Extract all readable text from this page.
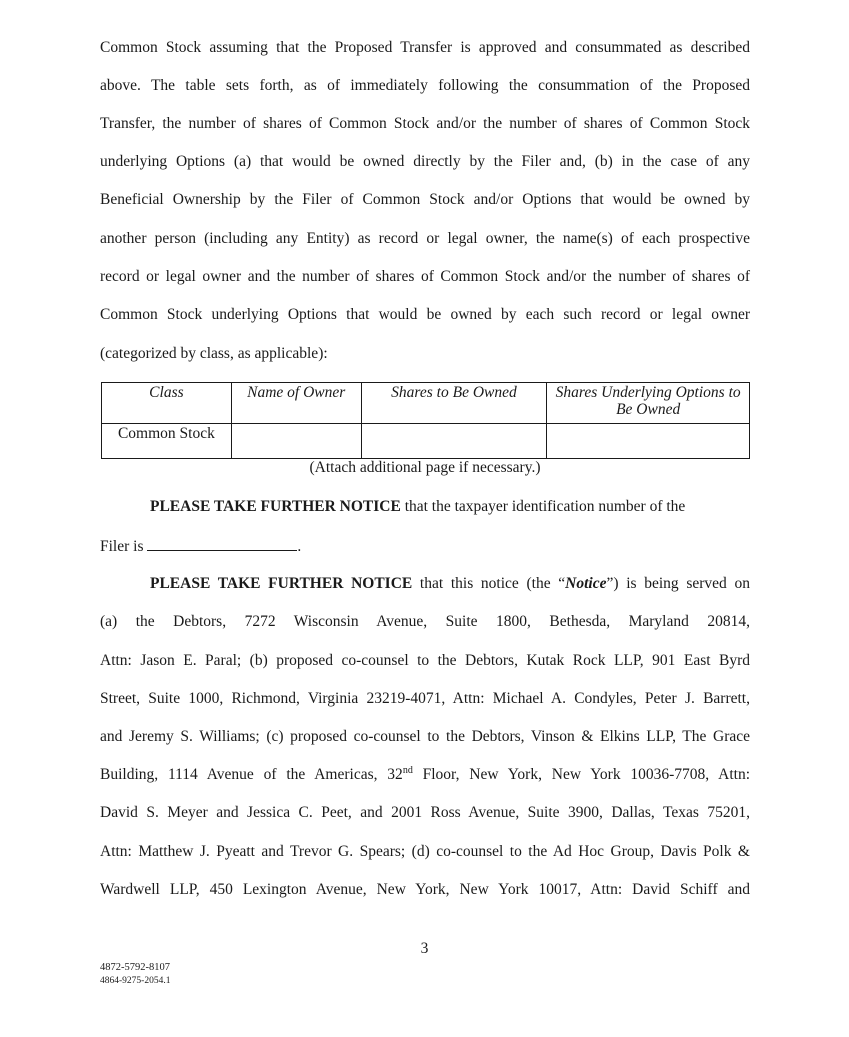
Common Stock assuming that the Proposed Transfer is approved and consummated as described
above. The table sets forth, as of immediately following the consummation of the Proposed
Transfer, the number of shares of Common Stock and/or the number of shares of Common Stock
underlying Options (a) that would be owned directly by the Filer and, (b) in the case of any
Beneficial Ownership by the Filer of Common Stock and/or Options that would be owned by
another person (including any Entity) as record or legal owner, the name(s) of each prospective
record or legal owner and the number of shares of Common Stock and/or the number of shares of
Common Stock underlying Options that would be owned by each such record or legal owner
(categorized by class, as applicable):
Class	Name of Owner	Shares to Be Owned	Shares Underlying Options to Be Owned
Common Stock			
(Attach additional page if necessary.)
PLEASE TAKE FURTHER NOTICE that the taxpayer identification number of the
Filer is	.
PLEASE TAKE FURTHER NOTICE that this notice (the “Notice”) is being served on
(a) the Debtors, 7272 Wisconsin Avenue, Suite 1800, Bethesda, Maryland 20814,
Attn: Jason E. Paral; (b) proposed co-counsel to the Debtors, Kutak Rock LLP, 901 East Byrd
Street, Suite 1000, Richmond, Virginia 23219-4071, Attn: Michael A. Condyles, Peter J. Barrett,
and Jeremy S. Williams; (c) proposed co-counsel to the Debtors, Vinson & Elkins LLP, The Grace
Building, 1114 Avenue of the Americas, 32nd Floor, New York, New York 10036-7708, Attn:
David S. Meyer and Jessica C. Peet, and 2001 Ross Avenue, Suite 3900, Dallas, Texas 75201,
Attn: Matthew J. Pyeatt and Trevor G. Spears; (d) co-counsel to the Ad Hoc Group, Davis Polk &
Wardwell LLP, 450 Lexington Avenue, New York, New York 10017, Attn: David Schiff and
3
4872-5792-8107
4864-9275-2054.1
